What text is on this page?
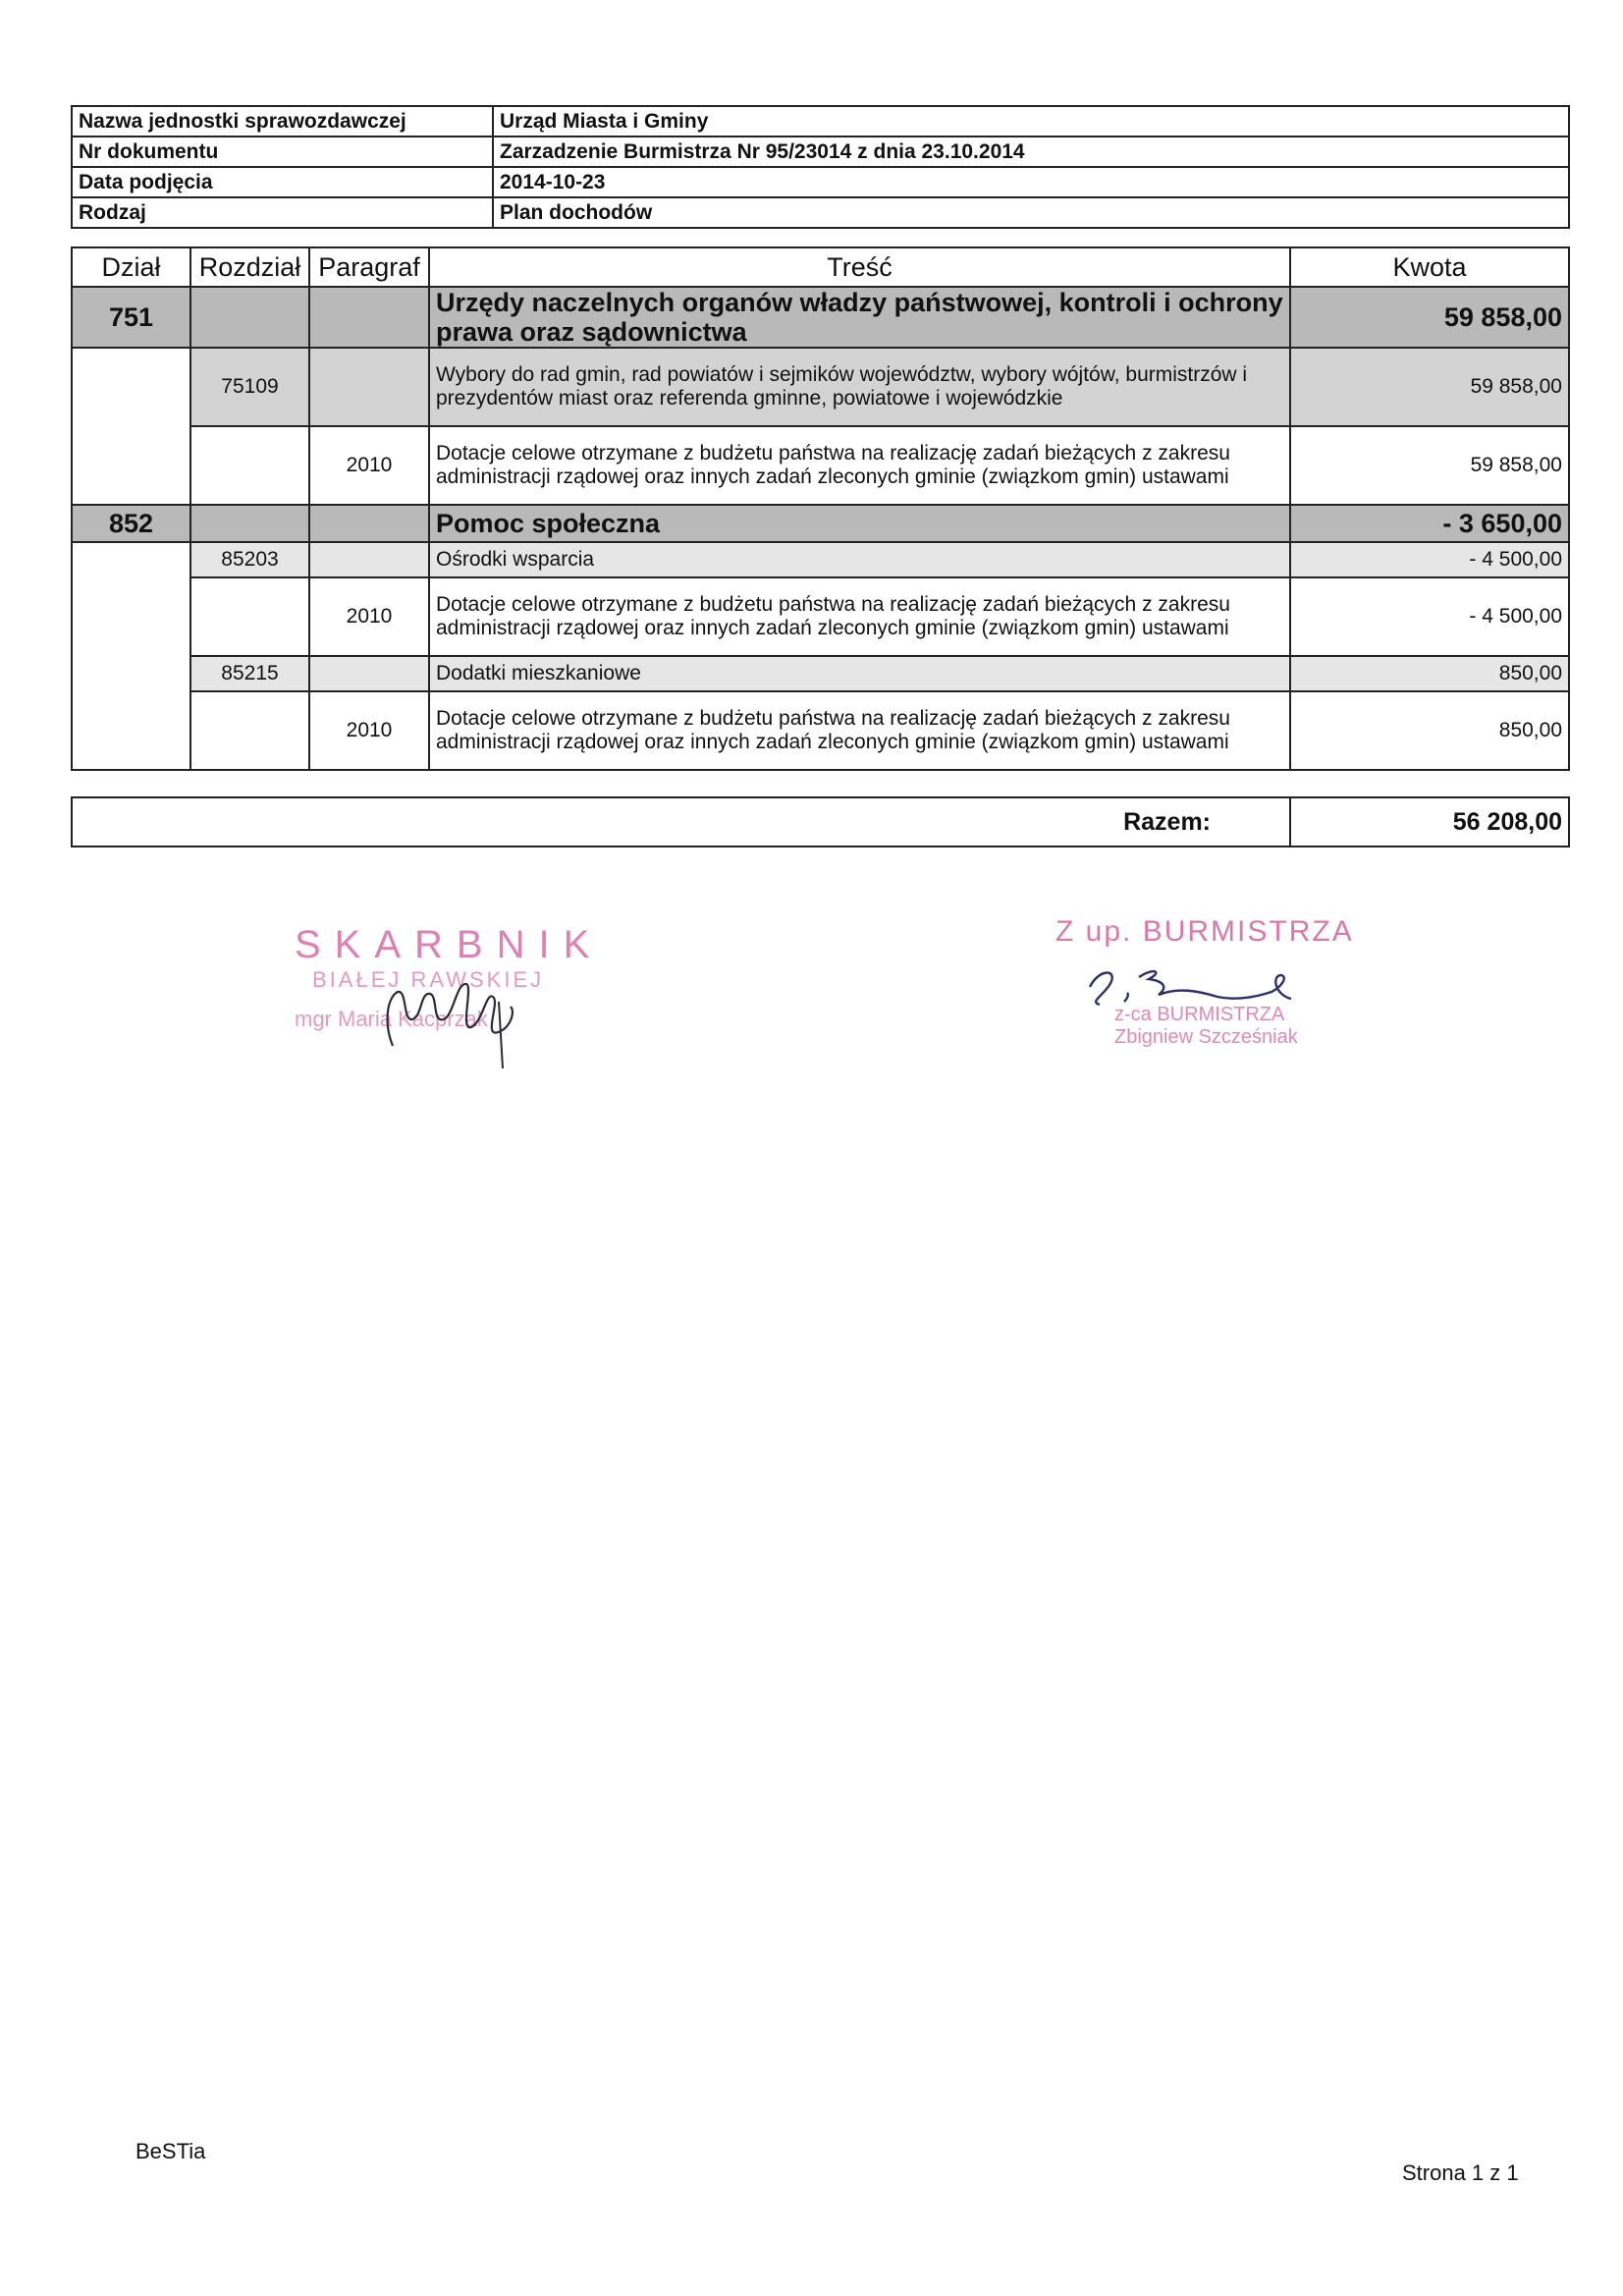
Nazwa jednostki sprawozdawczej	Urząd Miasta i Gminy
Nr dokumentu	Zarzadzenie Burmistrza Nr 95/23014 z dnia 23.10.2014
Data podjęcia	2014-10-23
Rodzaj	Plan dochodów
Dział	Rozdział	Paragraf	Treść	Kwota
751			Urzędy naczelnych organów władzy państwowej, kontroli i ochrony prawa oraz sądownictwa	59 858,00
	75109		Wybory do rad gmin, rad powiatów i sejmików województw, wybory wójtów, burmistrzów i prezydentów miast oraz referenda gminne, powiatowe i wojewódzkie	59 858,00
		2010	Dotacje celowe otrzymane z budżetu państwa na realizację zadań bieżących z zakresu administracji rządowej oraz innych zadań zleconych gminie (związkom gmin) ustawami	59 858,00
852			Pomoc społeczna	- 3 650,00
	85203		Ośrodki wsparcia	- 4 500,00
		2010	Dotacje celowe otrzymane z budżetu państwa na realizację zadań bieżących z zakresu administracji rządowej oraz innych zadań zleconych gminie (związkom gmin) ustawami	- 4 500,00
	85215		Dodatki mieszkaniowe	850,00
		2010	Dotacje celowe otrzymane z budżetu państwa na realizację zadań bieżących z zakresu administracji rządowej oraz innych zadań zleconych gminie (związkom gmin) ustawami	850,00
Razem:	56 208,00
SKARBNIK
BIAŁEJ RAWSKIEJ
mgr Maria Kacprzak
Z up. BURMISTRZA
z-ca BURMISTRZA
Zbigniew Szcześniak
BeSTia
Strona 1 z 1
